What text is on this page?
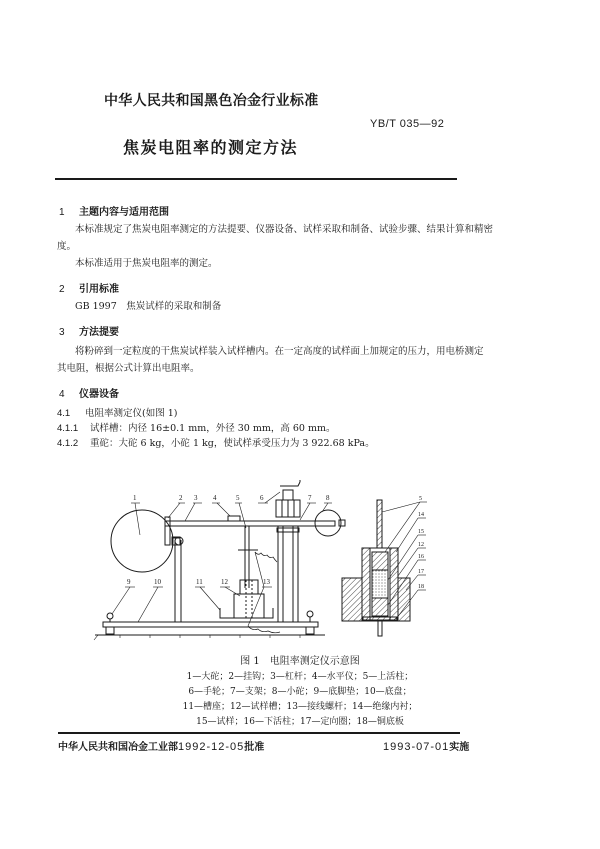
中华人民共和国黑色冶金行业标准
YB/T 035—92
焦炭电阻率的测定方法
1 主题内容与适用范围
本标准规定了焦炭电阻率测定的方法提要、仪器设备、试样采取和制备、试验步骤、结果计算和精密
度。
本标准适用于焦炭电阻率的测定。
2 引用标准
GB 1997　焦炭试样的采取和制备
3 方法提要
将粉碎到一定粒度的干焦炭试样装入试样槽内。在一定高度的试样面上加规定的压力，用电桥测定
其电阻，根据公式计算出电阻率。
4 仪器设备
4.1 电阻率测定仪(如图 1)
4.1.1 试样槽：内径 16±0.1 mm，外径 30 mm，高 60 mm。
4.1.2 重砣：大砣 6 kg，小砣 1 kg，使试样承受压力为 3 922.68 kPa。
1	2 3 4	5	6	7 8
9	10	11	12	13
5
14
15
12
16
17
18
图 1　电阻率测定仪示意图
1—大砣；2—挂钩；3—杠杆；4—水平仪；5—上活柱；
6—手轮；7—支架；8—小砣；9—底脚垫；10—底盘；
11—槽座；12—试样槽；13—接线螺杆；14—绝缘内衬；
15—试样；16—下活柱；17—定向圈；18—铜底板
中华人民共和国冶金工业部1992-12-05批准	1993-07-01实施
